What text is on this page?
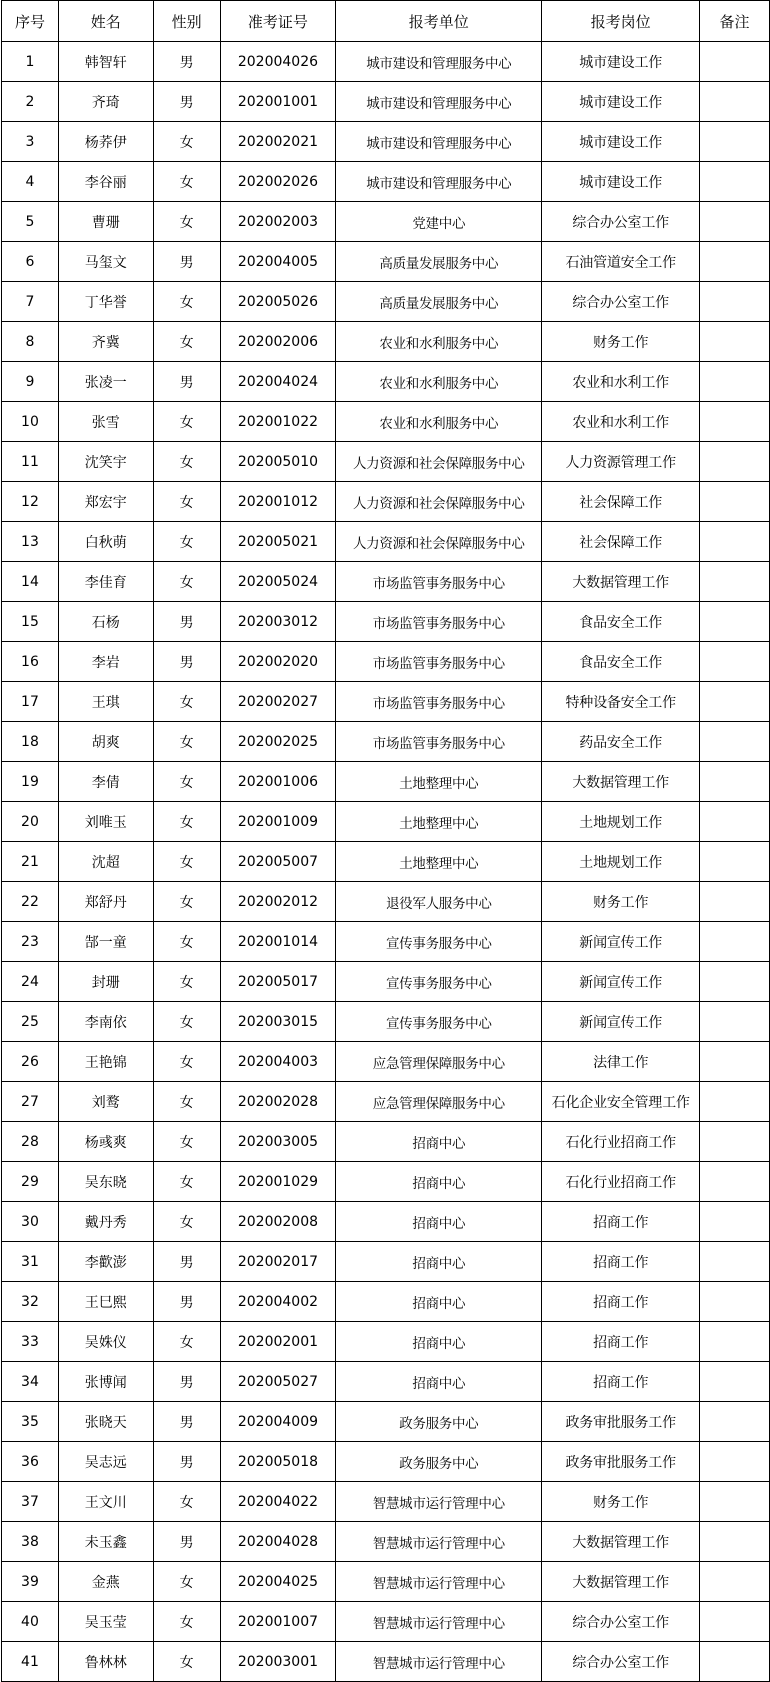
序号	姓名	性别	准考证号	报考单位	报考岗位	备注
1	韩智轩	男	202004026	城市建设和管理服务中心	城市建设工作	
2	齐琦	男	202001001	城市建设和管理服务中心	城市建设工作	
3	杨荞伊	女	202002021	城市建设和管理服务中心	城市建设工作	
4	李谷丽	女	202002026	城市建设和管理服务中心	城市建设工作	
5	曹珊	女	202002003	党建中心	综合办公室工作	
6	马玺文	男	202004005	高质量发展服务中心	石油管道安全工作	
7	丁华誉	女	202005026	高质量发展服务中心	综合办公室工作	
8	齐冀	女	202002006	农业和水利服务中心	财务工作	
9	张凌一	男	202004024	农业和水利服务中心	农业和水利工作	
10	张雪	女	202001022	农业和水利服务中心	农业和水利工作	
11	沈笑宇	女	202005010	人力资源和社会保障服务中心	人力资源管理工作	
12	郑宏宇	女	202001012	人力资源和社会保障服务中心	社会保障工作	
13	白秋萌	女	202005021	人力资源和社会保障服务中心	社会保障工作	
14	李佳育	女	202005024	市场监管事务服务中心	大数据管理工作	
15	石杨	男	202003012	市场监管事务服务中心	食品安全工作	
16	李岩	男	202002020	市场监管事务服务中心	食品安全工作	
17	王琪	女	202002027	市场监管事务服务中心	特种设备安全工作	
18	胡爽	女	202002025	市场监管事务服务中心	药品安全工作	
19	李倩	女	202001006	土地整理中心	大数据管理工作	
20	刘唯玉	女	202001009	土地整理中心	土地规划工作	
21	沈超	女	202005007	土地整理中心	土地规划工作	
22	郑舒丹	女	202002012	退役军人服务中心	财务工作	
23	郜一童	女	202001014	宣传事务服务中心	新闻宣传工作	
24	封珊	女	202005017	宣传事务服务中心	新闻宣传工作	
25	李南依	女	202003015	宣传事务服务中心	新闻宣传工作	
26	王艳锦	女	202004003	应急管理保障服务中心	法律工作	
27	刘鹜	女	202002028	应急管理保障服务中心	石化企业安全管理工作	
28	杨彧爽	女	202003005	招商中心	石化行业招商工作	
29	吴东晓	女	202001029	招商中心	石化行业招商工作	
30	戴丹秀	女	202002008	招商中心	招商工作	
31	李歡澎	男	202002017	招商中心	招商工作	
32	王巳熙	男	202004002	招商中心	招商工作	
33	吴姝仪	女	202002001	招商中心	招商工作	
34	张博闻	男	202005027	招商中心	招商工作	
35	张晓天	男	202004009	政务服务中心	政务审批服务工作	
36	吴志远	男	202005018	政务服务中心	政务审批服务工作	
37	王文川	女	202004022	智慧城市运行管理中心	财务工作	
38	未玉鑫	男	202004028	智慧城市运行管理中心	大数据管理工作	
39	金燕	女	202004025	智慧城市运行管理中心	大数据管理工作	
40	吴玉莹	女	202001007	智慧城市运行管理中心	综合办公室工作	
41	鲁林林	女	202003001	智慧城市运行管理中心	综合办公室工作	
